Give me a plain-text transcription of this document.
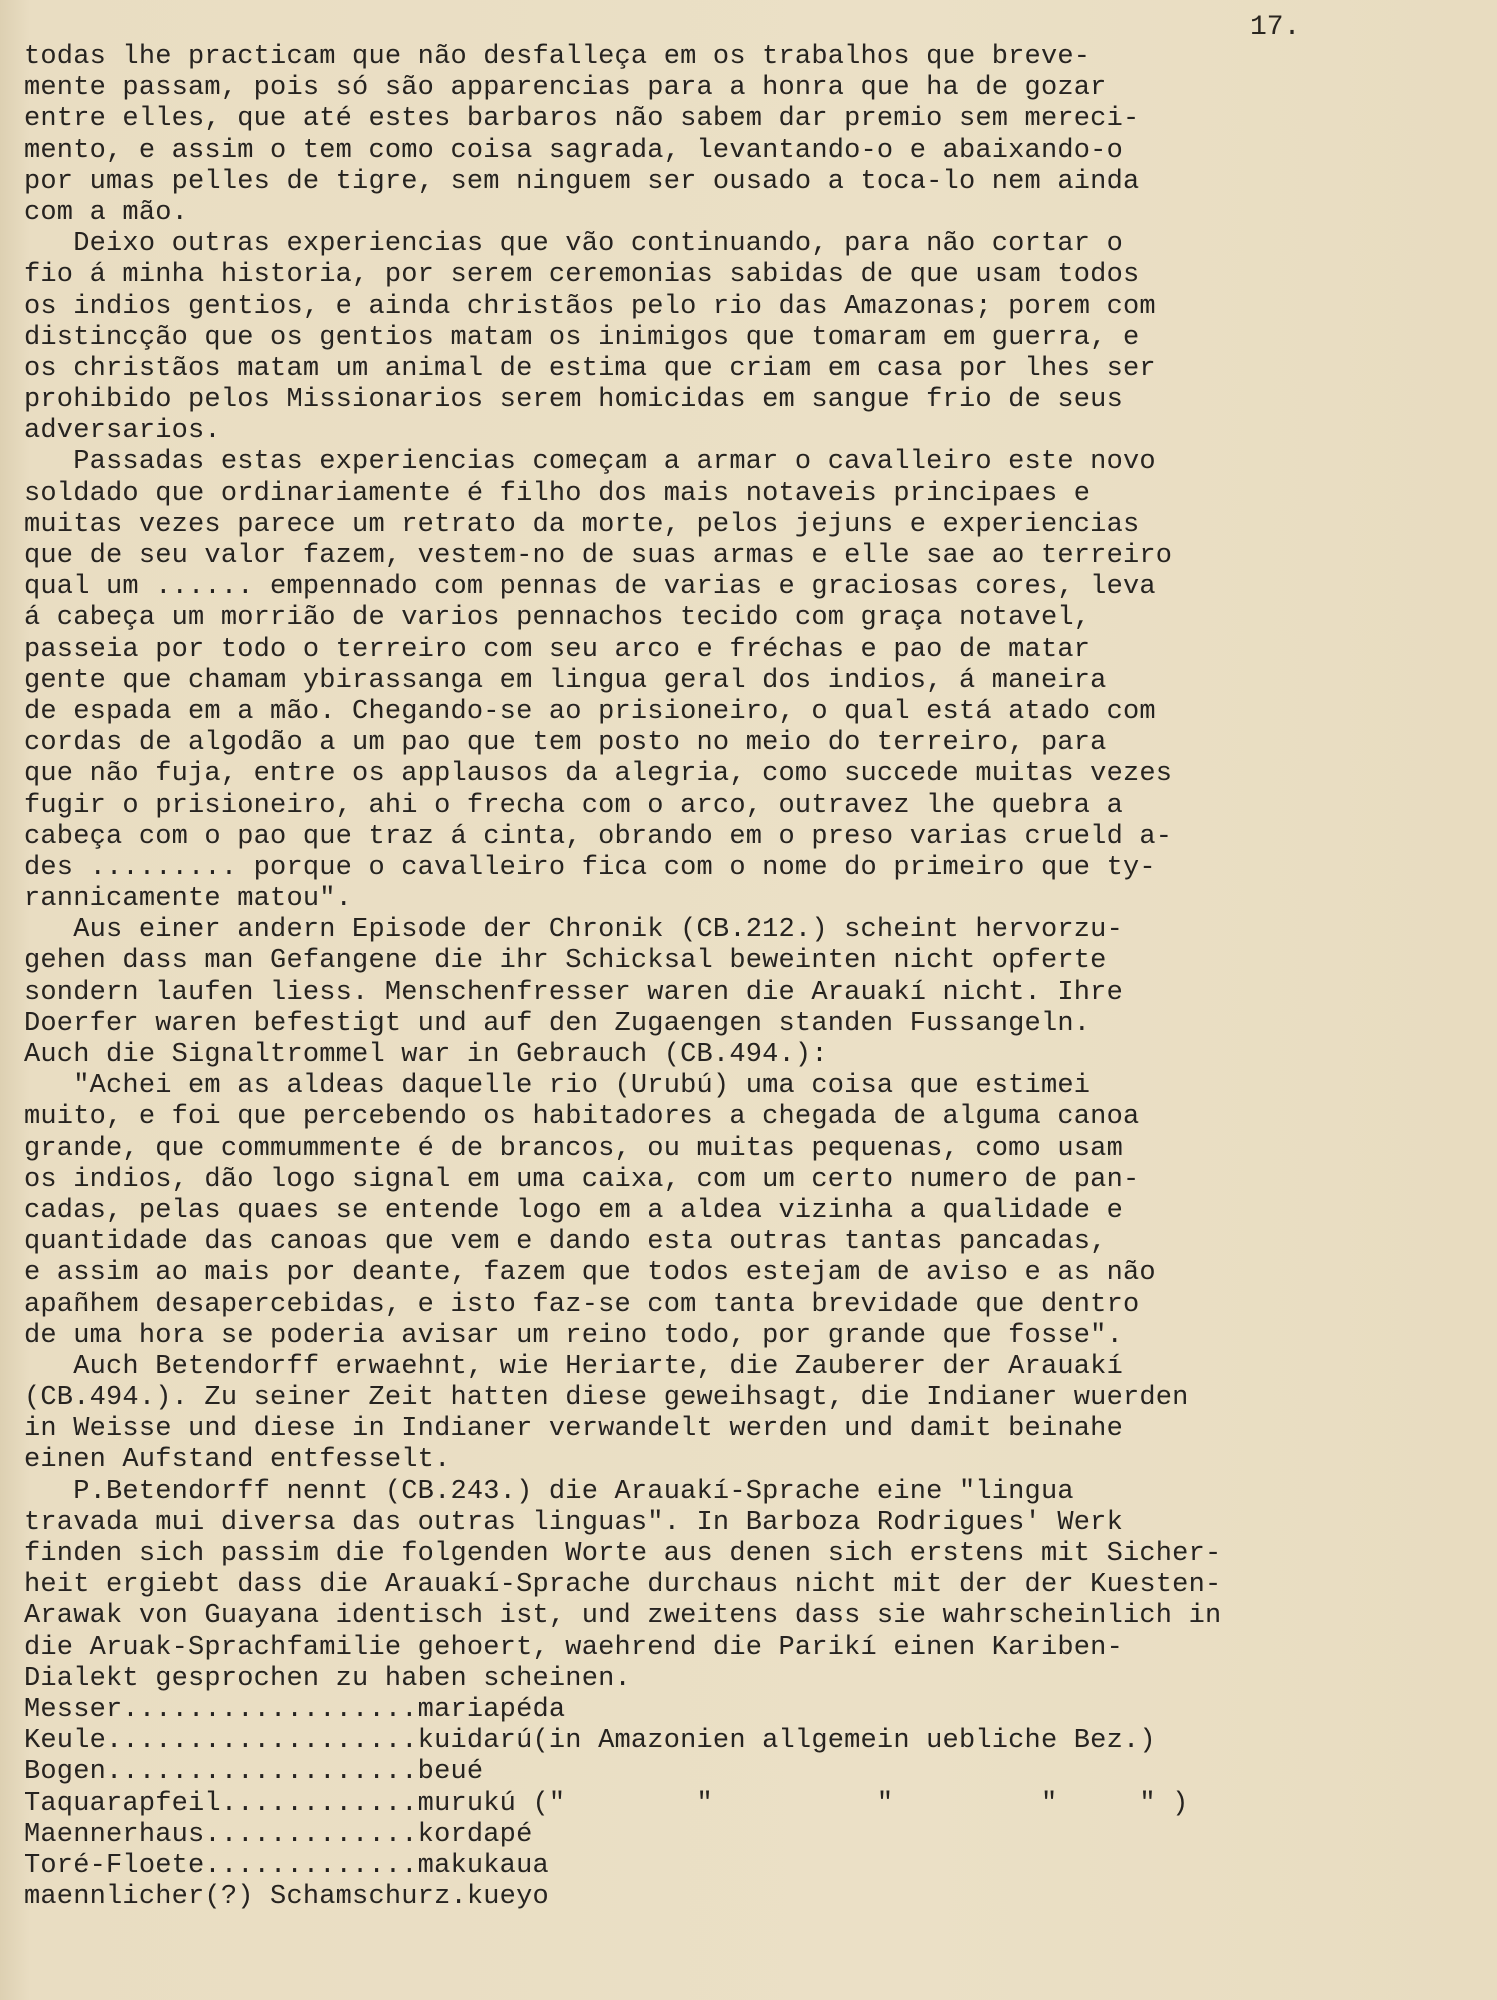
17.
todas lhe practicam que não desfalleça em os trabalhos que breve-
mente passam, pois só são apparencias para a honra que ha de gozar
entre elles, que até estes barbaros não sabem dar premio sem mereci-
mento, e assim o tem como coisa sagrada, levantando-o e abaixando-o
por umas pelles de tigre, sem ninguem ser ousado a toca-lo nem ainda
com a mão.
Deixo outras experiencias que vão continuando, para não cortar o
fio á minha historia, por serem ceremonias sabidas de que usam todos
os indios gentios, e ainda christãos pelo rio das Amazonas; porem com
distincção que os gentios matam os inimigos que tomaram em guerra, e
os christãos matam um animal de estima que criam em casa por lhes ser
prohibido pelos Missionarios serem homicidas em sangue frio de seus
adversarios.
Passadas estas experiencias começam a armar o cavalleiro este novo
soldado que ordinariamente é filho dos mais notaveis principaes e
muitas vezes parece um retrato da morte, pelos jejuns e experiencias
que de seu valor fazem, vestem-no de suas armas e elle sae ao terreiro
qual um ...... empennado com pennas de varias e graciosas cores, leva
á cabeça um morrião de varios pennachos tecido com graça notavel,
passeia por todo o terreiro com seu arco e fréchas e pao de matar
gente que chamam ybirassanga em lingua geral dos indios, á maneira
de espada em a mão. Chegando-se ao prisioneiro, o qual está atado com
cordas de algodão a um pao que tem posto no meio do terreiro, para
que não fuja, entre os applausos da alegria, como succede muitas vezes
fugir o prisioneiro, ahi o frecha com o arco, outravez lhe quebra a
cabeça com o pao que traz á cinta, obrando em o preso varias crueld a-
des ......... porque o cavalleiro fica com o nome do primeiro que ty-
rannicamente matou".
Aus einer andern Episode der Chronik (CB.212.) scheint hervorzu-
gehen dass man Gefangene die ihr Schicksal beweinten nicht opferte
sondern laufen liess. Menschenfresser waren die Arauakí nicht. Ihre
Doerfer waren befestigt und auf den Zugaengen standen Fussangeln.
Auch die Signaltrommel war in Gebrauch (CB.494.):
"Achei em as aldeas daquelle rio (Urubú) uma coisa que estimei
muito, e foi que percebendo os habitadores a chegada de alguma canoa
grande, que commummente é de brancos, ou muitas pequenas, como usam
os indios, dão logo signal em uma caixa, com um certo numero de pan-
cadas, pelas quaes se entende logo em a aldea vizinha a qualidade e
quantidade das canoas que vem e dando esta outras tantas pancadas,
e assim ao mais por deante, fazem que todos estejam de aviso e as não
apañhem desapercebidas, e isto faz-se com tanta brevidade que dentro
de uma hora se poderia avisar um reino todo, por grande que fosse".
Auch Betendorff erwaehnt, wie Heriarte, die Zauberer der Arauakí
(CB.494.). Zu seiner Zeit hatten diese geweihsagt, die Indianer wuerden
in Weisse und diese in Indianer verwandelt werden und damit beinahe
einen Aufstand entfesselt.
P.Betendorff nennt (CB.243.) die Arauakí-Sprache eine "lingua
travada mui diversa das outras linguas". In Barboza Rodrigues' Werk
finden sich passim die folgenden Worte aus denen sich erstens mit Sicher-
heit ergiebt dass die Arauakí-Sprache durchaus nicht mit der der Kuesten-
Arawak von Guayana identisch ist, und zweitens dass sie wahrscheinlich in
die Aruak-Sprachfamilie gehoert, waehrend die Parikí einen Kariben-
Dialekt gesprochen zu haben scheinen.
Messer..................mariapéda
Keule...................kuidarú(in Amazonien allgemein uebliche Bez.)
Bogen...................beué
Taquarapfeil............murukú ("        "          "         "     " )
Maennerhaus.............kordapé
Toré-Floete.............makukaua
maennlicher(?) Schamschurz.kueyo
